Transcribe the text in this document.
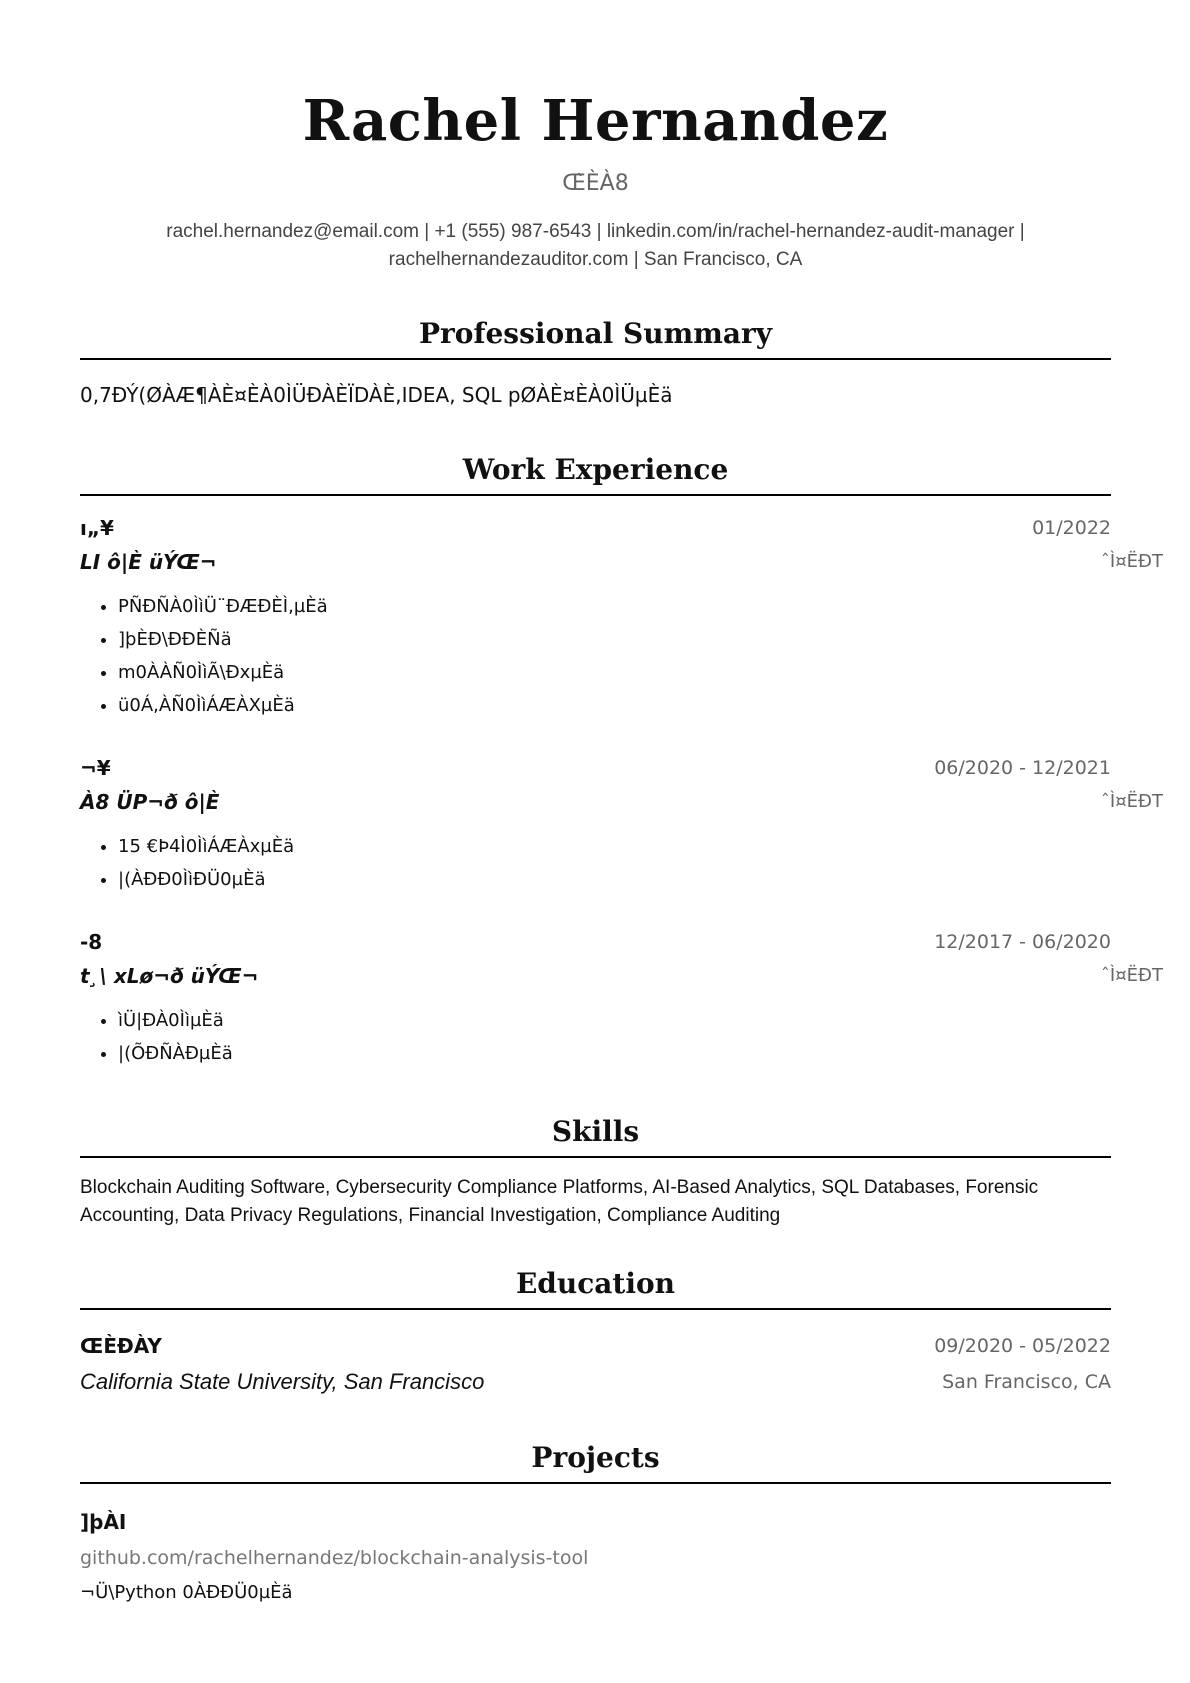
Rachel Hernandez
Œ̀ÈÀ8
rachel.hernandez@email.com | +1 (555) 987-6543 | linkedin.com/in/rachel-hernandez-audit-manager |
rachelhernandezauditor.com | San Francisco, CA
Professional Summary
0,7ÐÝ(ØÀÆ¶ÀÈ¤ÈÀ0ÌÜÐÀÈÏDÀÈ,IDEA, SQL pØÀÈ¤ÈÀ0ÌÜµÈä
Work Experience
ı„¥
LI ô|È üÝŒ¬
01/2022
ˆÌ¤ËÐT
• PÑÐÑÀ0ÌìÜ¨ÐÆÐÈÌ,µÈä
• ]þÈÐ\ÐÐÈÑä
• m0ÀÀÑ0ÌìÃ\ÐxµÈä
• ü0Á,ÀÑ0ÌìÁÆÀXµÈä
¬¥
À8 ÜP¬ð ô|È
06/2020 - 12/2021
ˆÌ¤ËÐT
• 15 €Þ4Ì0ÌìÁÆÀxµÈä
• |(ÀÐÐ0ÌìÐÜ0µÈä
-8
t¸\ xLø¬ð üÝŒ¬
12/2017 - 06/2020
ˆÌ¤ËÐT
• ìÜ|ÐÀ0ÌìµÈä
• |(ÕÐÑÀÐµÈä
Skills
Blockchain Auditing Software, Cybersecurity Compliance Platforms, AI-Based Analytics, SQL Databases, Forensic Accounting, Data Privacy Regulations, Financial Investigation, Compliance Auditing
Education
ŒÈÐÀY
California State University, San Francisco
09/2020 - 05/2022
San Francisco, CA
Projects
]þÀI
github.com/rachelhernandez/blockchain-analysis-tool
¬Ü\Python 0ÀÐÐÜ0µÈä
